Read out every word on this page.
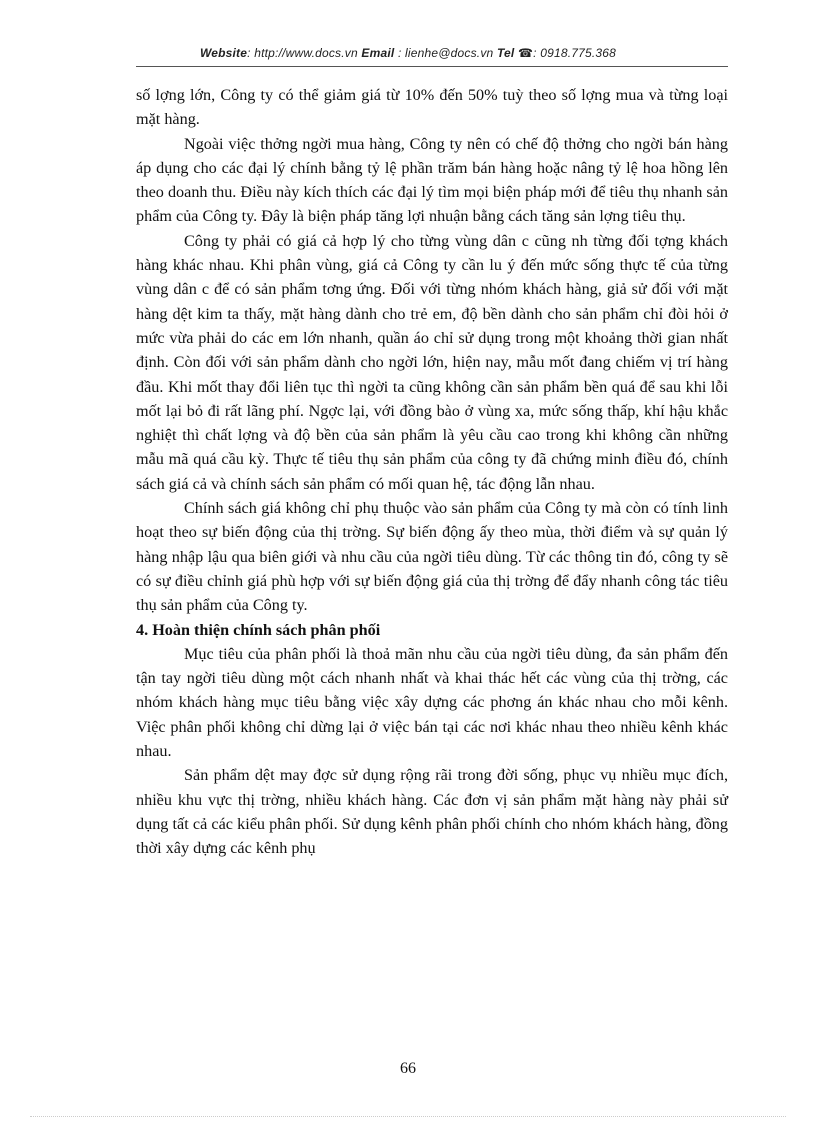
Website: http://www.docs.vn Email : lienhe@docs.vn Tel ☎: 0918.775.368

số lợng lớn, Công ty có thể giảm giá từ 10% đến 50% tuỳ theo số lợng mua và từng loại mặt hàng.

Ngoài việc thởng ngời mua hàng, Công ty nên có chế độ thởng cho ngời bán hàng áp dụng cho các đại lý chính bằng tỷ lệ phần trăm bán hàng hoặc nâng tỷ lệ hoa hồng lên theo doanh thu. Điều này kích thích các đại lý tìm mọi biện pháp mới để tiêu thụ nhanh sản phẩm của Công ty. Đây là biện pháp tăng lợi nhuận bằng cách tăng sản lợng tiêu thụ.

Công ty phải có giá cả hợp lý cho từng vùng dân c cũng nh từng đối tợng khách hàng khác nhau. Khi phân vùng, giá cả Công ty cần lu ý đến mức sống thực tế của từng vùng dân c để có sản phẩm tơng ứng. Đối với từng nhóm khách hàng, giả sử đối với mặt hàng dệt kim ta thấy, mặt hàng dành cho trẻ em, độ bền dành cho sản phẩm chỉ đòi hỏi ở mức vừa phải do các em lớn nhanh, quần áo chỉ sử dụng trong một khoảng thời gian nhất định. Còn đối với sản phẩm dành cho ngời lớn, hiện nay, mẫu mốt đang chiếm vị trí hàng đầu. Khi mốt thay đổi liên tục thì ngời ta cũng không cần sản phẩm bền quá để sau khi lỗi mốt lại bỏ đi rất lãng phí. Ngợc lại, với đồng bào ở vùng xa, mức sống thấp, khí hậu khắc nghiệt thì chất lợng và độ bền của sản phẩm là yêu cầu cao trong khi không cần những mẫu mã quá cầu kỳ. Thực tế tiêu thụ sản phẩm của công ty đã chứng minh điều đó, chính sách giá cả và chính sách sản phẩm có mối quan hệ, tác động lẫn nhau.

Chính sách giá không chỉ phụ thuộc vào sản phẩm của Công ty mà còn có tính linh hoạt theo sự biến động của thị trờng. Sự biến động ấy theo mùa, thời điểm và sự quản lý hàng nhập lậu qua biên giới và nhu cầu của ngời tiêu dùng. Từ các thông tin đó, công ty sẽ có sự điều chỉnh giá phù hợp với sự biến động giá của thị trờng để đẩy nhanh công tác tiêu thụ sản phẩm của Công ty.

4. Hoàn thiện chính sách phân phối

Mục tiêu của phân phối là thoả mãn nhu cầu của ngời tiêu dùng, đa sản phẩm đến tận tay ngời tiêu dùng một cách nhanh nhất và khai thác hết các vùng của thị trờng, các nhóm khách hàng mục tiêu bằng việc xây dựng các phơng án khác nhau cho mỗi kênh. Việc phân phối không chỉ dừng lại ở việc bán tại các nơi khác nhau theo nhiều kênh khác nhau.

Sản phẩm dệt may đợc sử dụng rộng rãi trong đời sống, phục vụ nhiều mục đích, nhiều khu vực thị trờng, nhiều khách hàng. Các đơn vị sản phẩm mặt hàng này phải sử dụng tất cả các kiểu phân phối. Sử dụng kênh phân phối chính cho nhóm khách hàng, đồng thời xây dựng các kênh phụ

66
